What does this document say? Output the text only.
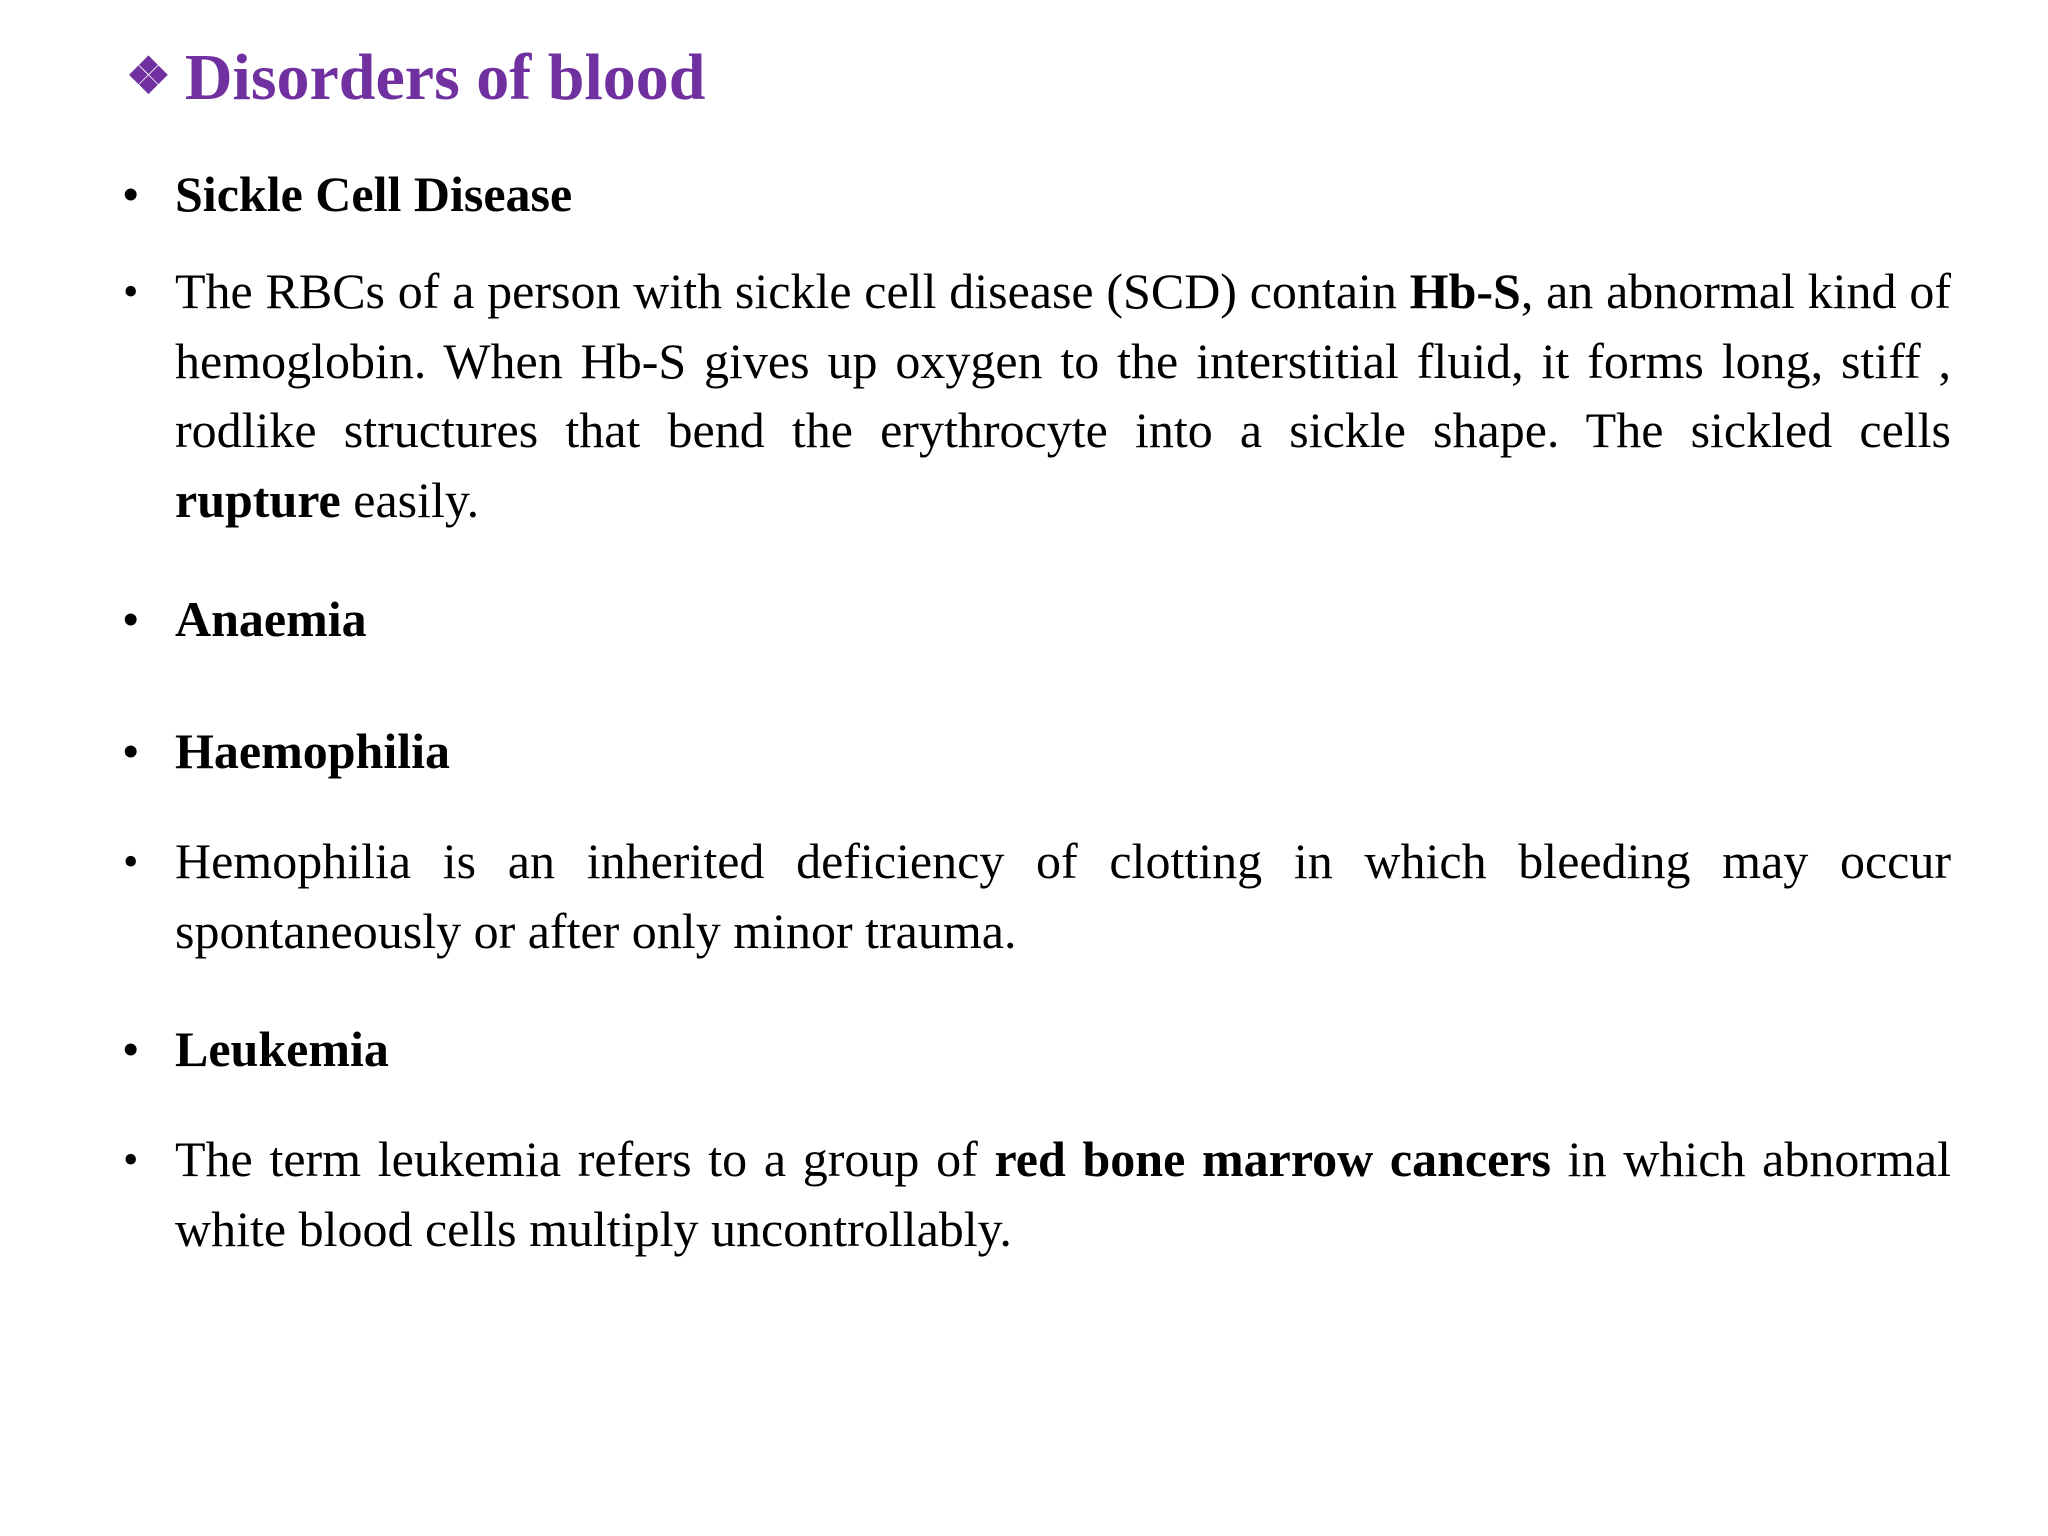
❖ Disorders of blood
• Sickle Cell Disease
• The RBCs of a person with sickle cell disease (SCD) contain Hb-S, an abnormal kind of hemoglobin. When Hb-S gives up oxygen to the interstitial fluid, it forms long, stiff , rodlike structures that bend the erythrocyte into a sickle shape. The sickled cells rupture easily.
• Anaemia
• Haemophilia
• Hemophilia is an inherited deficiency of clotting in which bleeding may occur spontaneously or after only minor trauma.
• Leukemia
• The term leukemia refers to a group of red bone marrow cancers in which abnormal white blood cells multiply uncontrollably.
